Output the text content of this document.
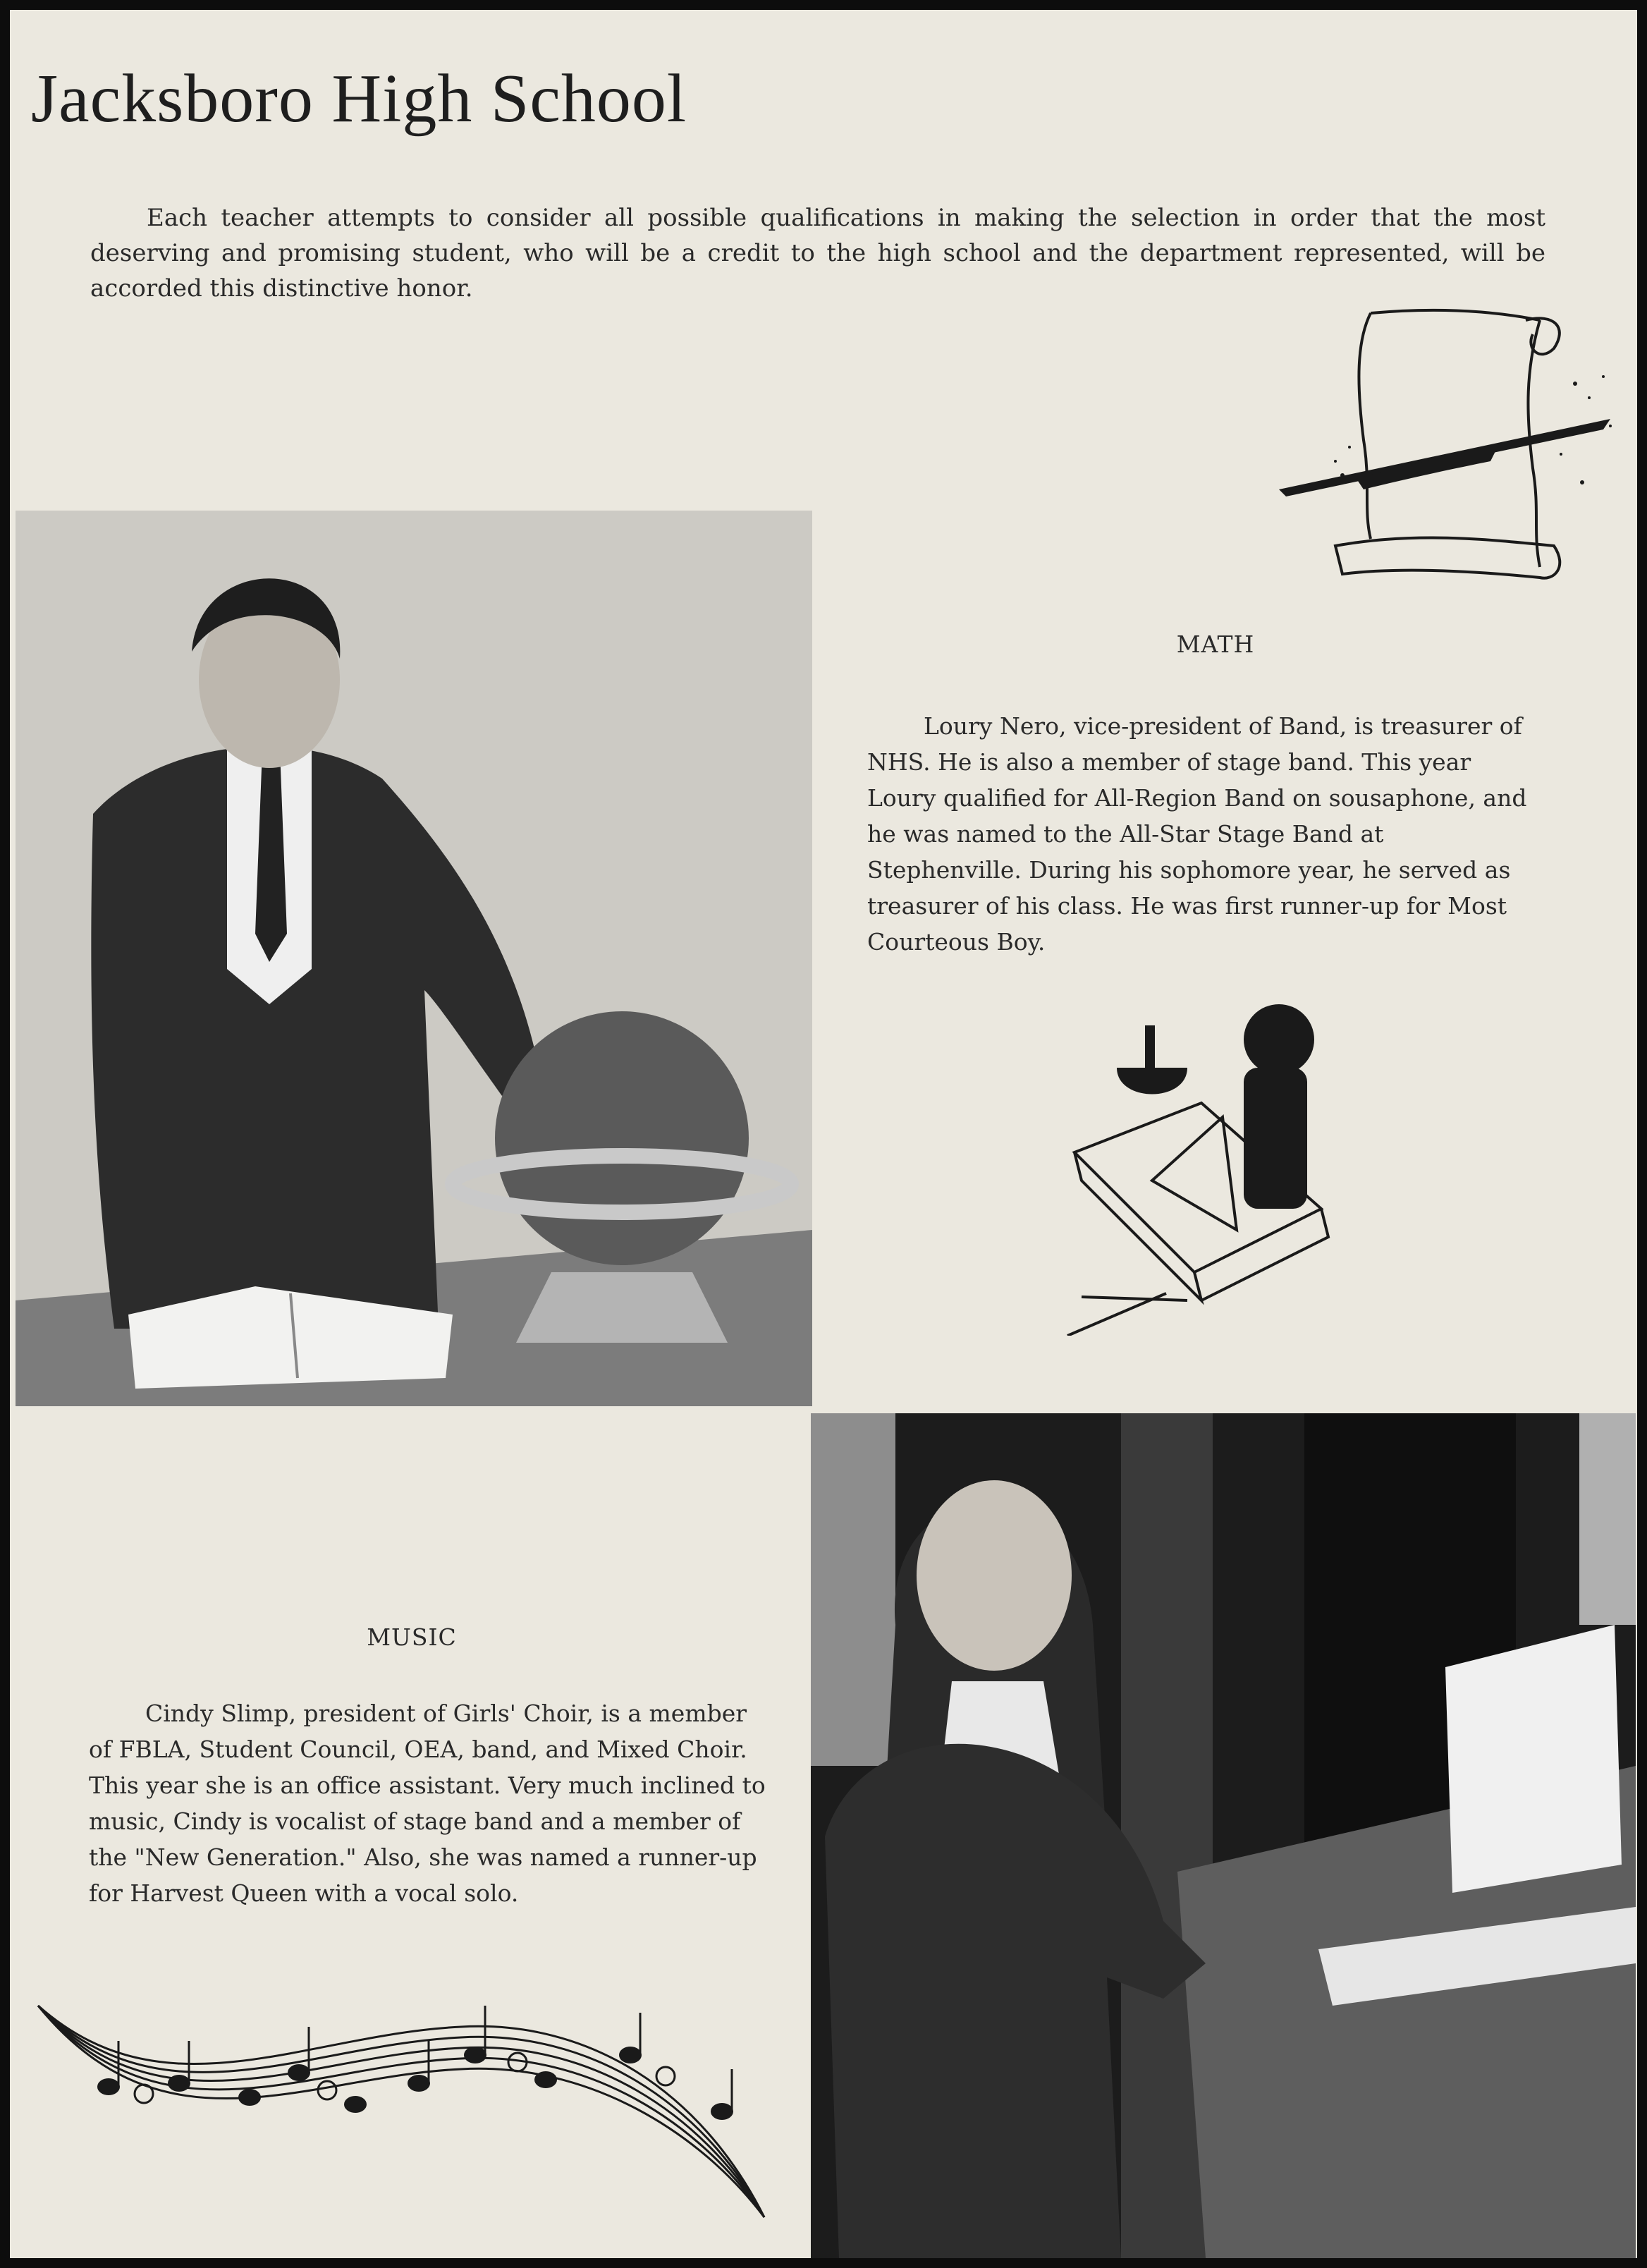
Jacksboro High School

Each teacher attempts to consider all possible qualifications in making the selection in order that the most deserving and promising student, who will be a credit to the high school and the department represented, will be accorded this distinctive honor.

MATH

Loury Nero, vice-president of Band, is treasurer of NHS. He is also a member of stage band. This year Loury qualified for All-Region Band on sousaphone, and he was named to the All-Star Stage Band at Stephenville. During his sophomore year, he served as treasurer of his class. He was first runner-up for Most Courteous Boy.

MUSIC

Cindy Slimp, president of Girls' Choir, is a member of FBLA, Student Council, OEA, band, and Mixed Choir. This year she is an office assistant. Very much inclined to music, Cindy is vocalist of stage band and a member of the "New Generation." Also, she was named a runner-up for Harvest Queen with a vocal solo.
